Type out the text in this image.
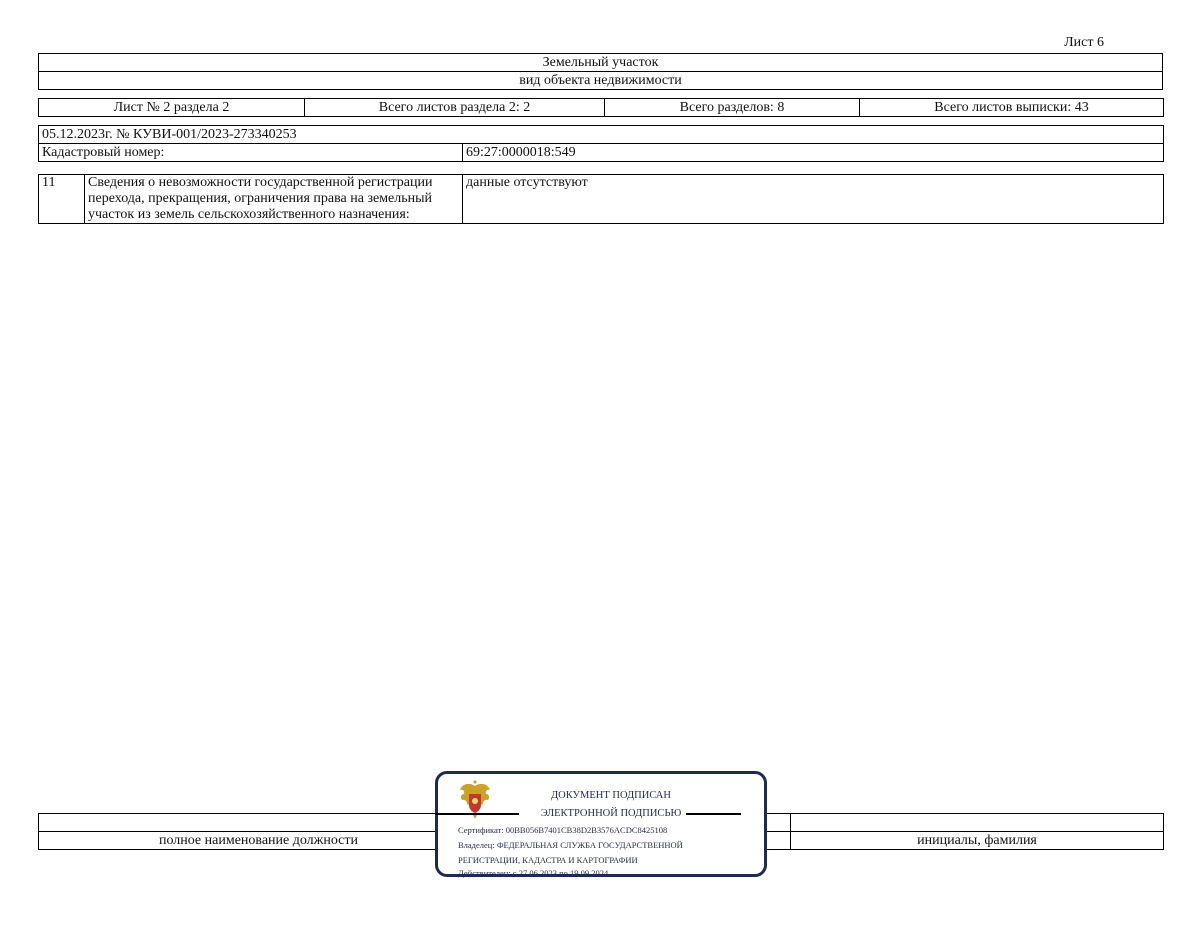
Лист 6
Земельный участок
вид объекта недвижимости
Лист № 2 раздела 2	Всего листов раздела 2: 2	Всего разделов: 8	Всего листов выписки: 43
05.12.2023г. № КУВИ-001/2023-273340253
Кадастровый номер:	69:27:0000018:549
11	Сведения о невозможности государственной регистрации перехода, прекращения, ограничения права на земельный участок из земель сельскохозяйственного назначения:	данные отсутствуют

полное наименование должности		инициалы, фамилия
ДОКУМЕНТ ПОДПИСАН
ЭЛЕКТРОННОЙ ПОДПИСЬЮ
Сертификат: 00BB056B7401CB38D2B3576ACDC8425108
Владелец: ФЕДЕРАЛЬНАЯ СЛУЖБА ГОСУДАРСТВЕННОЙ
РЕГИСТРАЦИИ, КАДАСТРА И КАРТОГРАФИИ
Действителен: с 27.06.2023 по 19.09.2024
